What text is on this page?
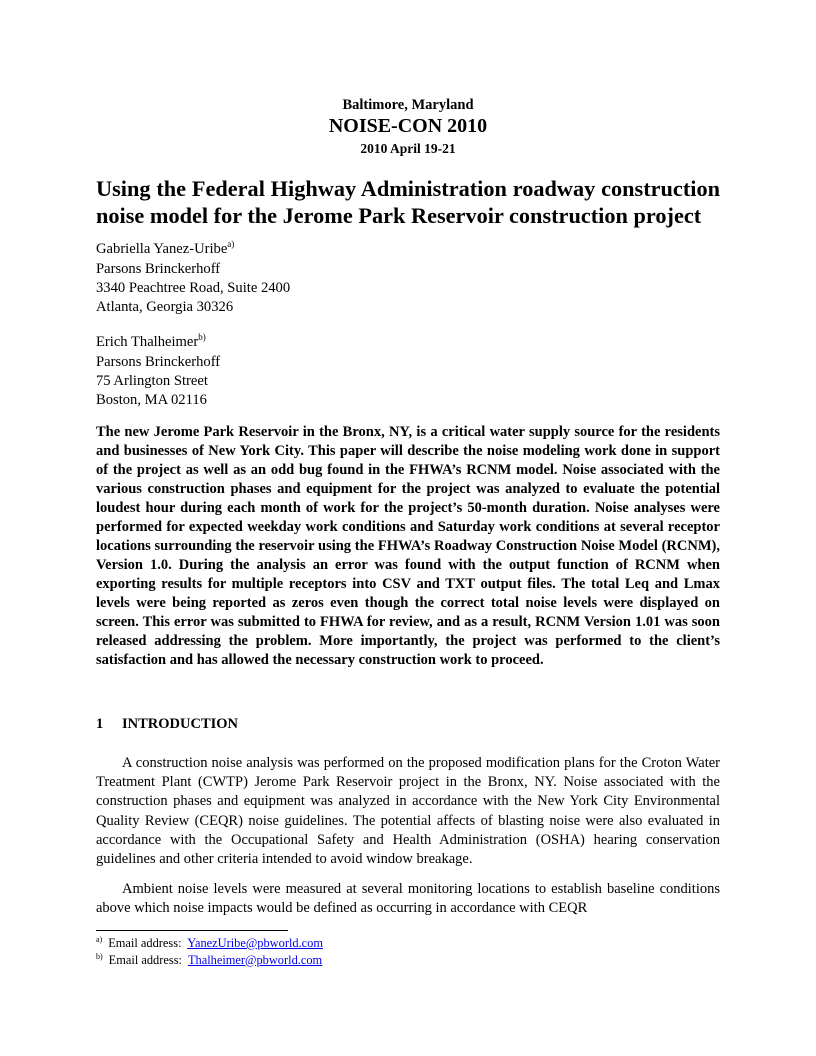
Baltimore, Maryland
NOISE-CON 2010
2010 April 19-21
Using the Federal Highway Administration roadway construction noise model for the Jerome Park Reservoir construction project
Gabriella Yanez-Uribe$^{a)}$
Parsons Brinckerhoff
3340 Peachtree Road, Suite 2400
Atlanta, Georgia 30326
Erich Thalheimer$^{b)}$
Parsons Brinckerhoff
75 Arlington Street
Boston, MA 02116

The new Jerome Park Reservoir in the Bronx, NY, is a critical water supply source for the residents and businesses of New York City. This paper will describe the noise modeling work done in support of the project as well as an odd bug found in the FHWA’s RCNM model. Noise associated with the various construction phases and equipment for the project was analyzed to evaluate the potential loudest hour during each month of work for the project’s 50-month duration. Noise analyses were performed for expected weekday work conditions and Saturday work conditions at several receptor locations surrounding the reservoir using the FHWA’s Roadway Construction Noise Model (RCNM), Version 1.0. During the analysis an error was found with the output function of RCNM when exporting results for multiple receptors into CSV and TXT output files. The total Leq and Lmax levels were being reported as zeros even though the correct total noise levels were displayed on screen. This error was submitted to FHWA for review, and as a result, RCNM Version 1.01 was soon released addressing the problem. More importantly, the project was performed to the client’s satisfaction and has allowed the necessary construction work to proceed.

1 INTRODUCTION

A construction noise analysis was performed on the proposed modification plans for the Croton Water Treatment Plant (CWTP) Jerome Park Reservoir project in the Bronx, NY. Noise associated with the construction phases and equipment was analyzed in accordance with the New York City Environmental Quality Review (CEQR) noise guidelines. The potential affects of blasting noise were also evaluated in accordance with the Occupational Safety and Health Administration (OSHA) hearing conservation guidelines and other criteria intended to avoid window breakage.

Ambient noise levels were measured at several monitoring locations to establish baseline conditions above which noise impacts would be defined as occurring in accordance with CEQR

$^{a)}$ Email address: YanezUribe@pbworld.com
$^{b)}$ Email address: Thalheimer@pbworld.com
